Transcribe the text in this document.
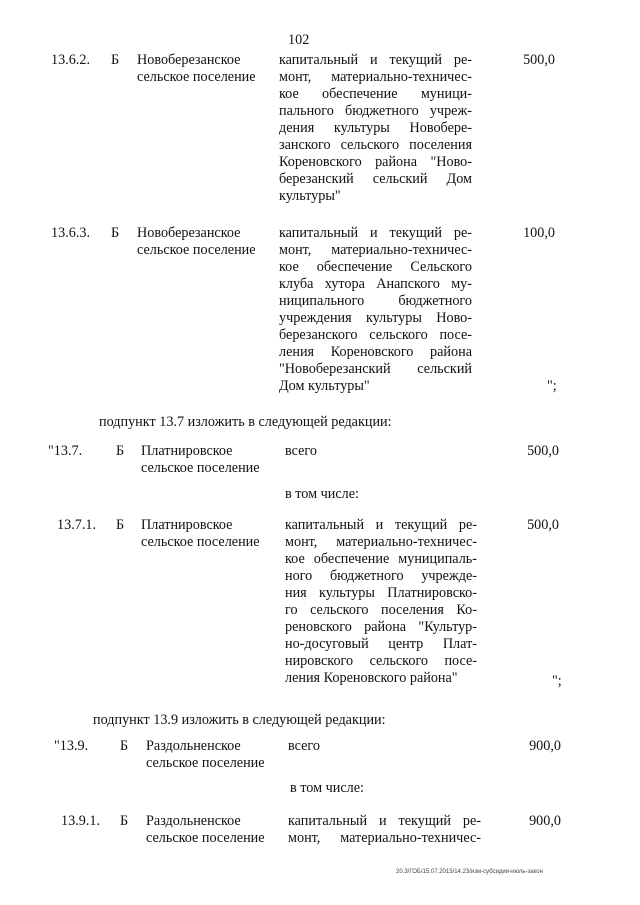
102
13.6.2. Б Новоберезанское
сельское поселение
капитальный и текущий ре-
монт, материально-техничес-
кое обеспечение муници-
пального бюджетного учреж-
дения культуры Новобере-
занского сельского поселения
Кореновского района "Ново-
березанский сельский Дом
культуры"
500,0
13.6.3. Б Новоберезанское
сельское поселение
капитальный и текущий ре-
монт, материально-техничес-
кое обеспечение Сельского
клуба хутора Анапского му-
ниципального бюджетного
учреждения культуры Ново-
березанского сельского посе-
ления Кореновского района
"Новоберезанский сельский
Дом культуры"
100,0
";
подпункт 13.7 изложить в следующей редакции:
"13.7. Б Платнировское
сельское поселение
всего	500,0
в том числе:
13.7.1. Б Платнировское
сельское поселение
капитальный и текущий ре-
монт, материально-техничес-
кое обеспечение муниципаль-
ного бюджетного учрежде-
ния культуры Платнировско-
го сельского поселения Ко-
реновского района "Культур-
но-досуговый центр Плат-
нировского сельского посе-
ления Кореновского района"
500,0
";
подпункт 13.9 изложить в следующей редакции:
"13.9. Б Раздольненское
сельское поселение
всего	900,0
в том числе:
13.9.1. Б Раздольненское
сельское поселение
капитальный и текущий ре-
монт, материально-техничес-
900,0
20.3/ГОБ/15.07.2015/14.23/изм-субсидии-июль-закон
